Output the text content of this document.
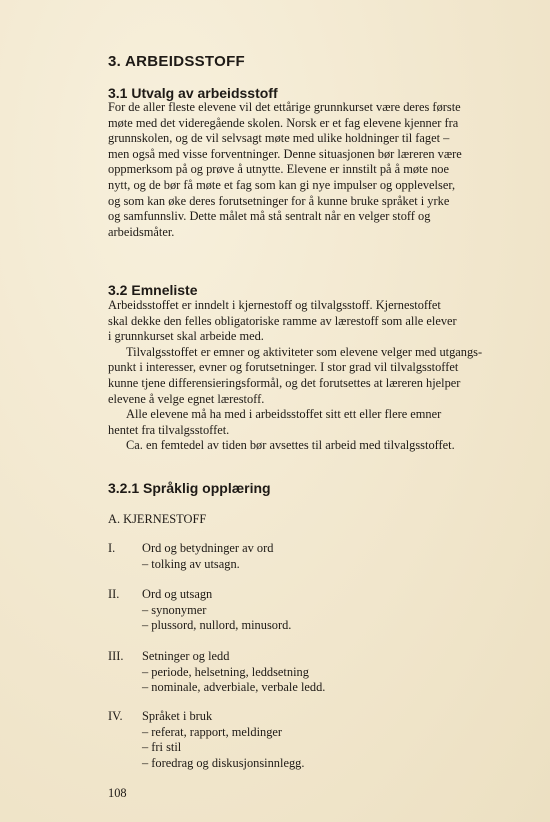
3. ARBEIDSSTOFF
3.1 Utvalg av arbeidsstoff
For de aller fleste elevene vil det ettårige grunnkurset være deres første
møte med det videregående skolen. Norsk er et fag elevene kjenner fra
grunnskolen, og de vil selvsagt møte med ulike holdninger til faget –
men også med visse forventninger. Denne situasjonen bør læreren være
oppmerksom på og prøve å utnytte. Elevene er innstilt på å møte noe
nytt, og de bør få møte et fag som kan gi nye impulser og opplevelser,
og som kan øke deres forutsetninger for å kunne bruke språket i yrke
og samfunnsliv. Dette målet må stå sentralt når en velger stoff og
arbeidsmåter.
3.2 Emneliste

Arbeidsstoffet er inndelt i kjernestoff og tilvalgsstoff. Kjernestoffet
skal dekke den felles obligatoriske ramme av lærestoff som alle elever
i grunnkurset skal arbeide med.

Tilvalgsstoffet er emner og aktiviteter som elevene velger med utgangs-
punkt i interesser, evner og forutsetninger. I stor grad vil tilvalgsstoffet
kunne tjene differensieringsformål, og det forutsettes at læreren hjelper
elevene å velge egnet lærestoff.

Alle elevene må ha med i arbeidsstoffet sitt ett eller flere emner
hentet fra tilvalgsstoffet.

Ca. en femtedel av tiden bør avsettes til arbeid med tilvalgsstoffet.

3.2.1 Språklig opplæring
A. KJERNESTOFF
I. Ord og betydninger av ord
– tolking av utsagn.
II. Ord og utsagn
– synonymer
– plussord, nullord, minusord.
III. Setninger og ledd
– periode, helsetning, leddsetning
– nominale, adverbiale, verbale ledd.
IV. Språket i bruk
– referat, rapport, meldinger
– fri stil
– foredrag og diskusjonsinnlegg.
108
